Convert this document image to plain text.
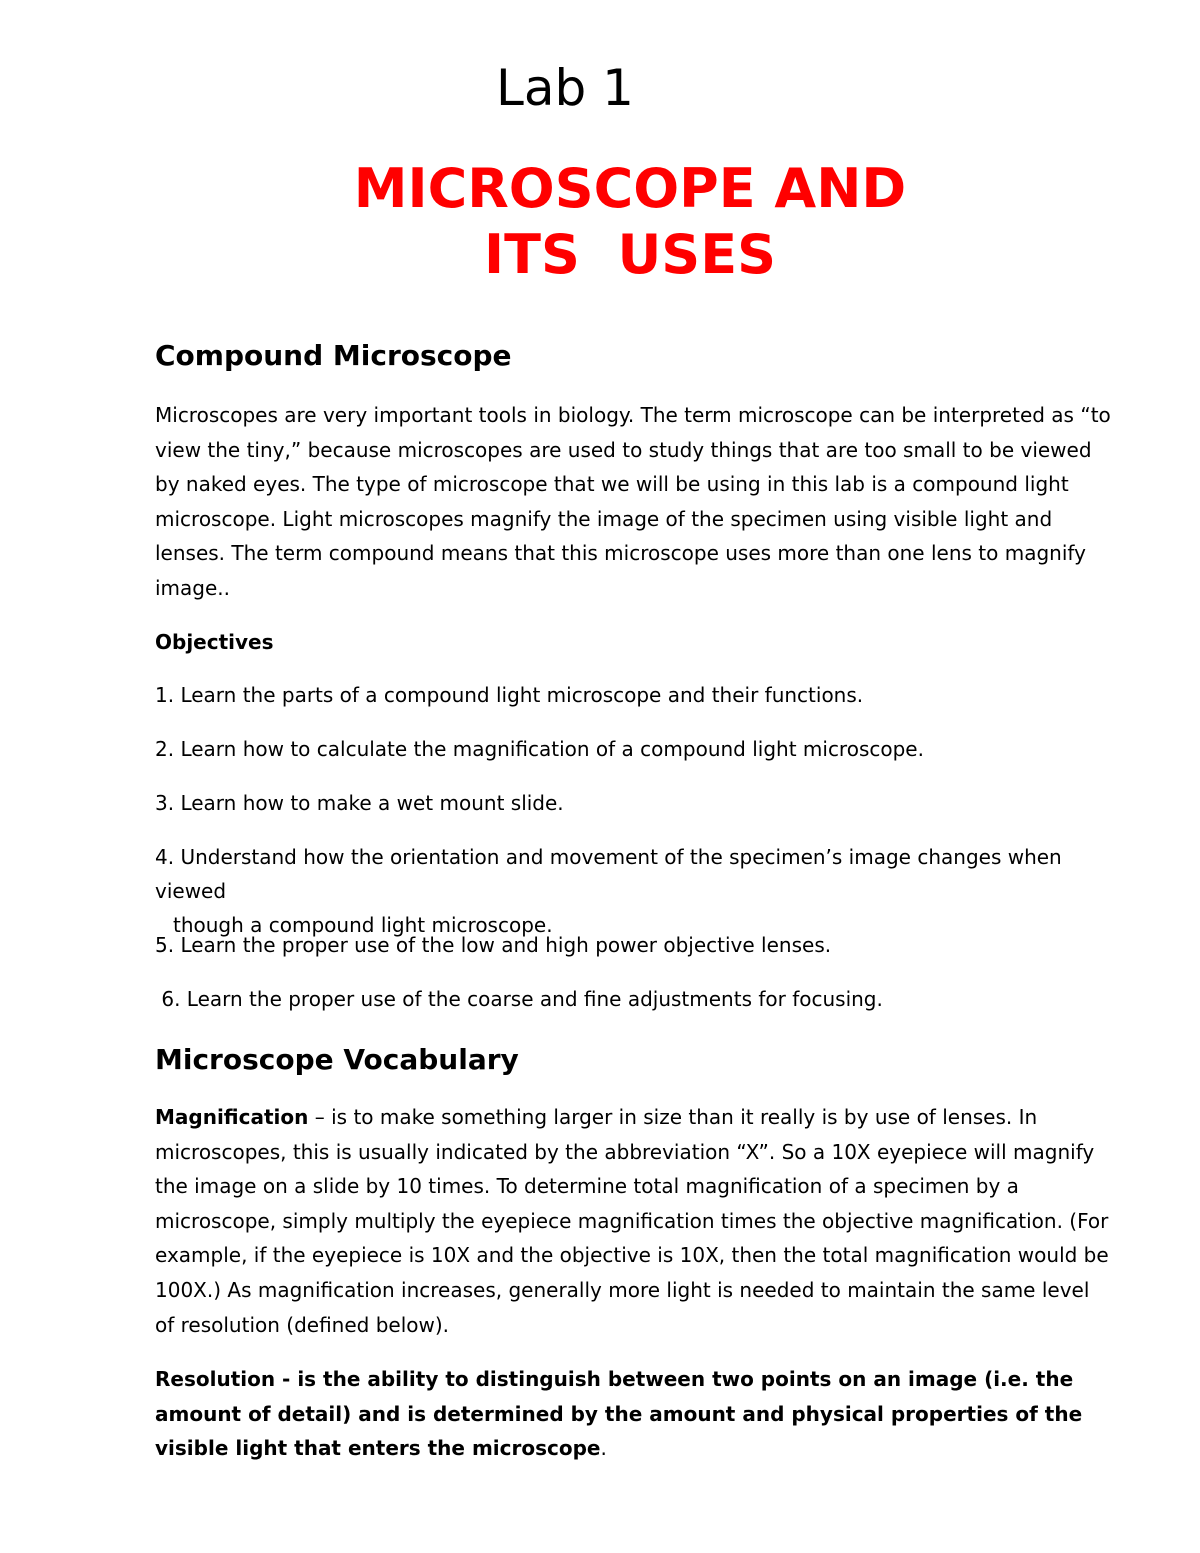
Lab 1
MICROSCOPE AND
ITS  USES
Compound Microscope

Microscopes are very important tools in biology. The term microscope can be interpreted as “to view the tiny,” because microscopes are used to study things that are too small to be viewed by naked eyes. The type of microscope that we will be using in this lab is a compound light microscope. Light microscopes magnify the image of the specimen using visible light and lenses. The term compound means that this microscope uses more than one lens to magnify image..

Objectives

1. Learn the parts of a compound light microscope and their functions.

2. Learn how to calculate the magnification of a compound light microscope.

3. Learn how to make a wet mount slide.

4. Understand how the orientation and movement of the specimen’s image changes when viewed
though a compound light microscope.

5. Learn the proper use of the low and high power objective lenses.

6. Learn the proper use of the coarse and fine adjustments for focusing.

Microscope Vocabulary

Magnification – is to make something larger in size than it really is by use of lenses. In microscopes, this is usually indicated by the abbreviation “X”. So a 10X eyepiece will magnify the image on a slide by 10 times. To determine total magnification of a specimen by a microscope, simply multiply the eyepiece magnification times the objective magnification. (For example, if the eyepiece is 10X and the objective is 10X, then the total magnification would be 100X.) As magnification increases, generally more light is needed to maintain the same level of resolution (defined below).

Resolution - is the ability to distinguish between two points on an image (i.e. the amount of detail) and is determined by the amount and physical properties of the visible light that enters the microscope.
